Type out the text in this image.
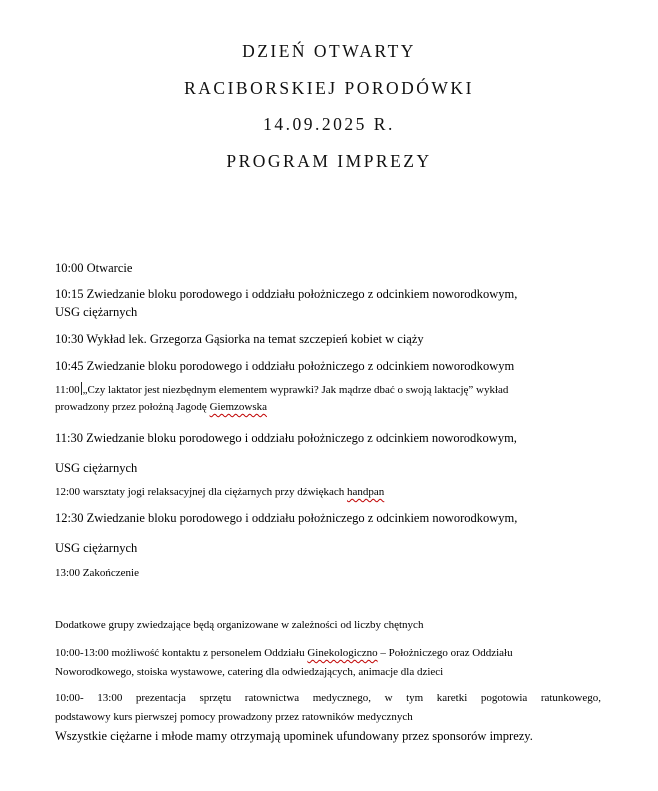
DZIEŃ OTWARTY
RACIBORSKIEJ PORODÓWKI
14.09.2025 R.
PROGRAM IMPREZY
10:00 Otwarcie
10:15 Zwiedzanie bloku porodowego i oddziału położniczego z odcinkiem noworodkowym,
USG ciężarnych
10:30 Wykład lek. Grzegorza Gąsiorka na temat szczepień kobiet w ciąży
10:45 Zwiedzanie bloku porodowego i oddziału położniczego z odcinkiem noworodkowym
11:00 „Czy laktator jest niezbędnym elementem wyprawki? Jak mądrze dbać o swoją laktację” wykład
prowadzony przez położną Jagodę Giemzowska
11:30 Zwiedzanie bloku porodowego i oddziału położniczego z odcinkiem noworodkowym,
USG ciężarnych
12:00 warsztaty jogi relaksacyjnej dla ciężarnych przy dźwiękach handpan
12:30 Zwiedzanie bloku porodowego i oddziału położniczego z odcinkiem noworodkowym,
USG ciężarnych
13:00 Zakończenie
Dodatkowe grupy zwiedzające będą organizowane w zależności od liczby chętnych
10:00-13:00 możliwość kontaktu z personelem Oddziału Ginekologiczno – Położniczego oraz Oddziału
Noworodkowego, stoiska wystawowe, catering dla odwiedzających, animacje dla dzieci
10:00- 13:00 prezentacja sprzętu ratownictwa medycznego, w tym karetki pogotowia ratunkowego,
podstawowy kurs pierwszej pomocy prowadzony przez ratowników medycznych
Wszystkie ciężarne i młode mamy otrzymają upominek ufundowany przez sponsorów imprezy.
